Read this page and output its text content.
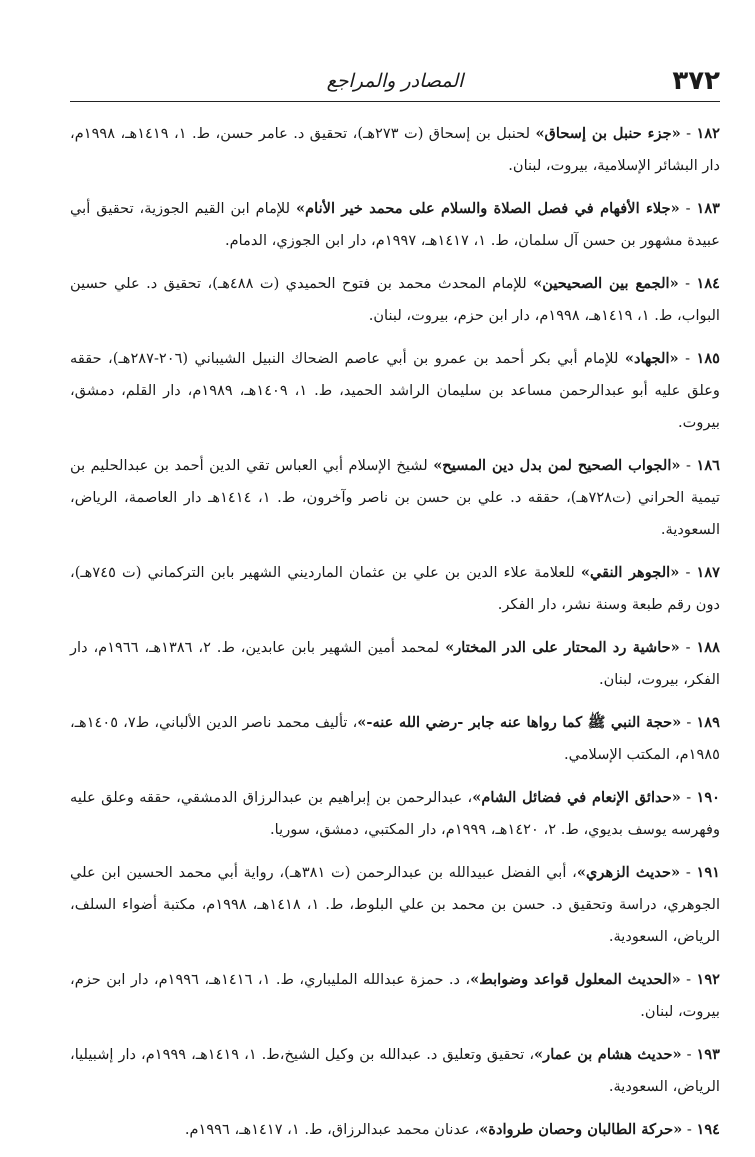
٣٧٢
المصادر والمراجع

١٨٢ - «جزء حنبل بن إسحاق» لحنبل بن إسحاق (ت ٢٧٣هـ)، تحقيق د. عامر حسن، ط. ١، ١٤١٩هـ، ١٩٩٨م، دار البشائر الإسلامية، بيروت، لبنان.

١٨٣ - «جلاء الأفهام في فصل الصلاة والسلام على محمد خير الأنام» للإمام ابن القيم الجوزية، تحقيق أبي عبيدة مشهور بن حسن آل سلمان، ط. ١، ١٤١٧هـ، ١٩٩٧م، دار ابن الجوزي، الدمام.

١٨٤ - «الجمع بين الصحيحين» للإمام المحدث محمد بن فتوح الحميدي (ت ٤٨٨هـ)، تحقيق د. علي حسين البواب، ط. ١، ١٤١٩هـ، ١٩٩٨م، دار ابن حزم، بيروت، لبنان.

١٨٥ - «الجهاد» للإمام أبي بكر أحمد بن عمرو بن أبي عاصم الضحاك النبيل الشيباني (٢٠٦-٢٨٧هـ)، حققه وعلق عليه أبو عبدالرحمن مساعد بن سليمان الراشد الحميد، ط. ١، ١٤٠٩هـ، ١٩٨٩م، دار القلم، دمشق، بيروت.

١٨٦ - «الجواب الصحيح لمن بدل دين المسيح» لشيخ الإسلام أبي العباس تقي الدين أحمد بن عبدالحليم بن تيمية الحراني (ت٧٢٨هـ)، حققه د. علي بن حسن بن ناصر وآخرون، ط. ١، ١٤١٤هـ دار العاصمة، الرياض، السعودية.

١٨٧ - «الجوهر النقي» للعلامة علاء الدين بن علي بن عثمان المارديني الشهير بابن التركماني (ت ٧٤٥هـ)، دون رقم طبعة وسنة نشر، دار الفكر.

١٨٨ - «حاشية رد المحتار على الدر المختار» لمحمد أمين الشهير بابن عابدين، ط. ٢، ١٣٨٦هـ، ١٩٦٦م، دار الفكر، بيروت، لبنان.

١٨٩ - «حجة النبي ﷺ كما رواها عنه جابر -رضي الله عنه-»، تأليف محمد ناصر الدين الألباني، ط٧، ١٤٠٥هـ، ١٩٨٥م، المكتب الإسلامي.

١٩٠ - «حدائق الإنعام في فضائل الشام»، عبدالرحمن بن إبراهيم بن عبدالرزاق الدمشقي، حققه وعلق عليه وفهرسه يوسف بديوي، ط. ٢، ١٤٢٠هـ، ١٩٩٩م، دار المكتبي، دمشق، سوريا.

١٩١ - «حديث الزهري»، أبي الفضل عبيدالله بن عبدالرحمن (ت ٣٨١هـ)، رواية أبي محمد الحسين ابن علي الجوهري، دراسة وتحقيق د. حسن بن محمد بن علي البلوط، ط. ١، ١٤١٨هـ، ١٩٩٨م، مكتبة أضواء السلف، الرياض، السعودية.

١٩٢ - «الحديث المعلول قواعد وضوابط»، د. حمزة عبدالله المليباري، ط. ١، ١٤١٦هـ، ١٩٩٦م، دار ابن حزم، بيروت، لبنان.

١٩٣ - «حديث هشام بن عمار»، تحقيق وتعليق د. عبدالله بن وكيل الشيخ،ط. ١، ١٤١٩هـ، ١٩٩٩م، دار إشبيليا، الرياض، السعودية.

١٩٤ - «حركة الطالبان وحصان طروادة»، عدنان محمد عبدالرزاق، ط. ١، ١٤١٧هـ، ١٩٩٦م.
